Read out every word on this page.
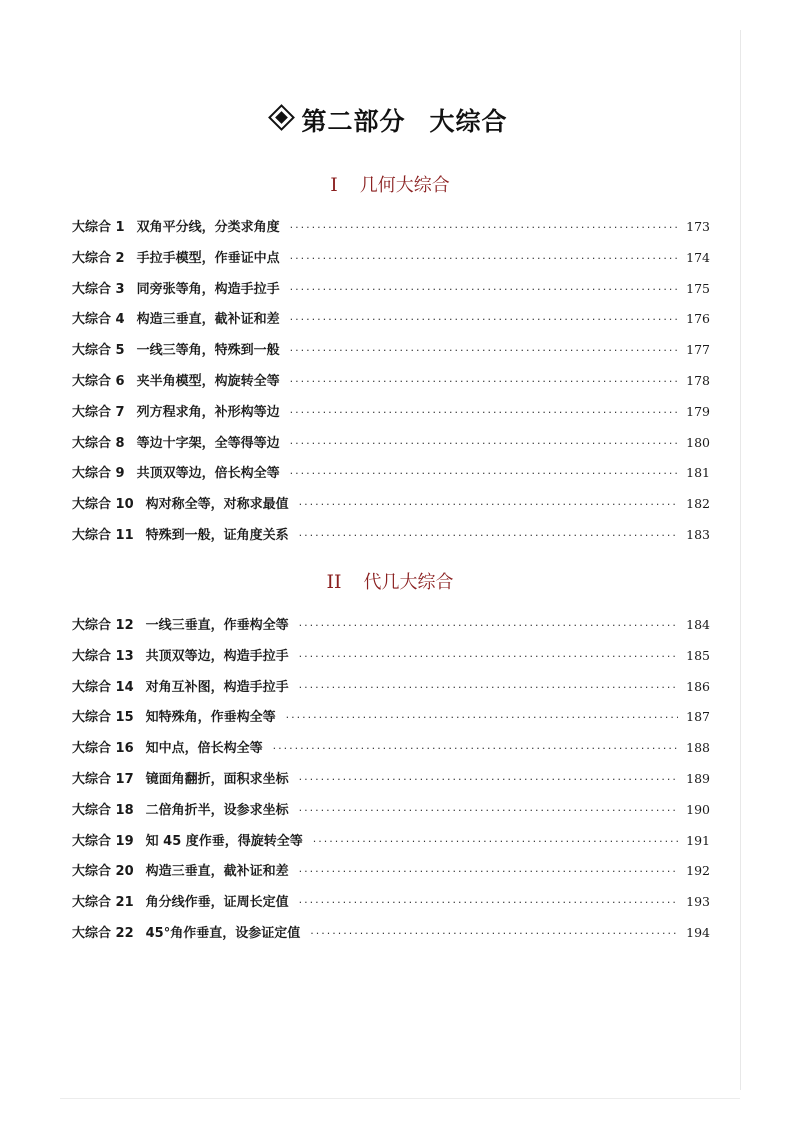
第二部分 大综合
I 几何大综合
大综合 1 双角平分线，分类求角度 ·····	173
大综合 2 手拉手模型，作垂证中点 ·····	174
大综合 3 同旁张等角，构造手拉手 ·····	175
大综合 4 构造三垂直，截补证和差 ·····	176
大综合 5 一线三等角，特殊到一般 ·····	177
大综合 6 夹半角模型，构旋转全等 ·····	178
大综合 7 列方程求角，补形构等边 ·····	179
大综合 8 等边十字架，全等得等边 ·····	180
大综合 9 共顶双等边，倍长构全等 ·····	181
大综合 10 构对称全等，对称求最值 ·····	182
大综合 11 特殊到一般，证角度关系 ·····	183
II 代几大综合
大综合 12 一线三垂直，作垂构全等 ·····	184
大综合 13 共顶双等边，构造手拉手 ·····	185
大综合 14 对角互补图，构造手拉手 ·····	186
大综合 15 知特殊角，作垂构全等 ·····	187
大综合 16 知中点，倍长构全等 ·····	188
大综合 17 镜面角翻折，面积求坐标 ·····	189
大综合 18 二倍角折半，设参求坐标 ·····	190
大综合 19 知 45 度作垂，得旋转全等 ·····	191
大综合 20 构造三垂直，截补证和差 ·····	192
大综合 21 角分线作垂，证周长定值 ·····	193
大综合 22 45°角作垂直，设参证定值 ·····	194
